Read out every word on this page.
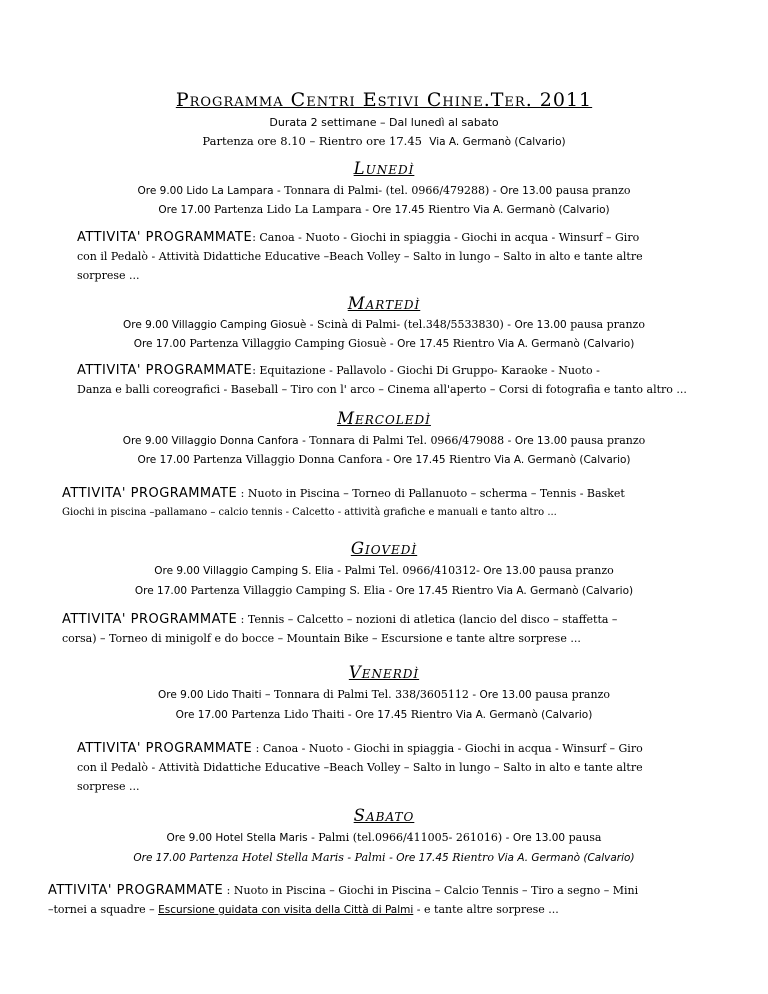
Programma Centri Estivi Chine.Ter. 2011
Durata 2 settimane – Dal lunedì al sabato
Partenza ore 8.10 – Rientro ore 17.45 Via A. Germanò (Calvario)
Lunedì
Ore 9.00 Lido La Lampara - Tonnara di Palmi- (tel. 0966/479288) - Ore 13.00 pausa pranzo
Ore 17.00 Partenza Lido La Lampara - Ore 17.45 Rientro Via A. Germanò (Calvario)
ATTIVITA' PROGRAMMATE: Canoa - Nuoto - Giochi in spiaggia - Giochi in acqua - Winsurf – Giro
con il Pedalò - Attività Didattiche Educative –Beach Volley – Salto in lungo – Salto in alto e tante altre
sorprese ...
Martedì
Ore 9.00 Villaggio Camping Giosuè - Scinà di Palmi- (tel.348/5533830) - Ore 13.00 pausa pranzo
Ore 17.00 Partenza Villaggio Camping Giosuè - Ore 17.45 Rientro Via A. Germanò (Calvario)
ATTIVITA' PROGRAMMATE: Equitazione - Pallavolo - Giochi Di Gruppo- Karaoke - Nuoto -
Danza e balli coreografici - Baseball – Tiro con l' arco – Cinema all'aperto – Corsi di fotografia e tanto altro ...
Mercoledì
Ore 9.00 Villaggio Donna Canfora - Tonnara di Palmi Tel. 0966/479088 - Ore 13.00 pausa pranzo
Ore 17.00 Partenza Villaggio Donna Canfora - Ore 17.45 Rientro Via A. Germanò (Calvario)
ATTIVITA' PROGRAMMATE : Nuoto in Piscina – Torneo di Pallanuoto – scherma – Tennis - Basket
Giochi in piscina –pallamano – calcio tennis - Calcetto - attività grafiche e manuali e tanto altro ...
Giovedì
Ore 9.00 Villaggio Camping S. Elia - Palmi Tel. 0966/410312- Ore 13.00 pausa pranzo
Ore 17.00 Partenza Villaggio Camping S. Elia - Ore 17.45 Rientro Via A. Germanò (Calvario)
ATTIVITA' PROGRAMMATE : Tennis – Calcetto – nozioni di atletica (lancio del disco – staffetta –
corsa) – Torneo di minigolf e do bocce – Mountain Bike – Escursione e tante altre sorprese ...
Venerdì
Ore 9.00 Lido Thaiti – Tonnara di Palmi Tel. 338/3605112 - Ore 13.00 pausa pranzo
Ore 17.00 Partenza Lido Thaiti - Ore 17.45 Rientro Via A. Germanò (Calvario)
ATTIVITA' PROGRAMMATE : Canoa - Nuoto - Giochi in spiaggia - Giochi in acqua - Winsurf – Giro
con il Pedalò - Attività Didattiche Educative –Beach Volley – Salto in lungo – Salto in alto e tante altre
sorprese ...
Sabato
Ore 9.00 Hotel Stella Maris - Palmi (tel.0966/411005- 261016) - Ore 13.00 pausa
Ore 17.00 Partenza Hotel Stella Maris - Palmi - Ore 17.45 Rientro Via A. Germanò (Calvario)
ATTIVITA' PROGRAMMATE : Nuoto in Piscina – Giochi in Piscina – Calcio Tennis – Tiro a segno – Mini
–tornei a squadre – Escursione guidata con visita della Città di Palmi - e tante altre sorprese ...
